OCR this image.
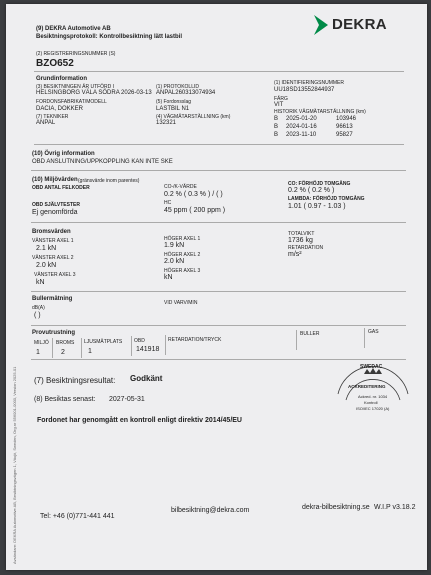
(9) DEKRA Automotive AB
Besiktningsprotokoll: Kontrollbesiktning lätt lastbil
DEKRA
(2) REGISTRERINGSNUMMER (S)
BZO652
Grundinformation
(3) BESIKTNINGEN ÄR UTFÖRD I
HELSINGBORG VÄLA SÖDRA 2026-03-13
(1) PROTOKOLLID
ANPAL260313074934
(1) IDENTIFIERINGSNUMMER
UU18SD13552844937
FORDONSFABRIKAT/MODELL
DACIA, DOKKER
(5) Fordonsslag
LASTBIL N1
FÄRG
VIT
HISTORIK VÄGMÄTARSTÄLLNING (km)
(7) TEKNIKER
ANPAL
(4) VÄGMÄTARSTÄLLNING (km)
132321
B 2025-01-20	103946
B 2024-01-16	96613
B 2023-11-10	95827
(10) Övrig information
OBD ANSLUTNING/UPPKOPPLING KAN INTE SKE
(10) Miljövärden (gränsvärde inom parentes)
OBD ANTAL FELKODER	CO-/K-VÄRDE
0.2 % ( 0.3 % ) / ( )
CO: FÖRHÖJD TOMGÅNG
0.2 % ( 0.2 % )
OBD SJÄLVTESTER
Ej genomförda
HC
45 ppm ( 200 ppm )
LAMBDA: FÖRHÖJD TOMGÅNG
1.01 ( 0.97 - 1.03 )
Bromsvärden
VÄNSTER AXEL 1
2.1 kN
VÄNSTER AXEL 2
2.0 kN
VÄNSTER AXEL 3
kN
HÖGER AXEL 1
1.9 kN
HÖGER AXEL 2
2.0 kN
HÖGER AXEL 3
kN
TOTALVIKT
1736 kg
RETARDATION
m/s²
Bullermätning
dB(A)
( )
VID VARV/MIN
Provutrustning
MILJÖ BROMS LJUSMÄTPLATS OBD	RETARDATION/TRYCK
BULLER	GAS
1	2	1	141918
(7) Besiktningsresultat: Godkänt
(8) Besiktas senast: 2027-05-31
Fordonet har genomgått en kontroll enligt direktiv 2014/45/EU
SWEDAC
ACKREDITERING
Ackred. nr. 1034
Kontroll
ISO/IEC 17020 (A)
Avsändare: DEKRA Automotive AB, Besiktningsvägen 1, Växjö, Sweden, Org.nr 556001-0000, Version 2025-01	Tel: +46 (0)771-441 441
bilbesiktning@dekra.com	dekra-bilbesiktning.se W.I.P v3.18.2
